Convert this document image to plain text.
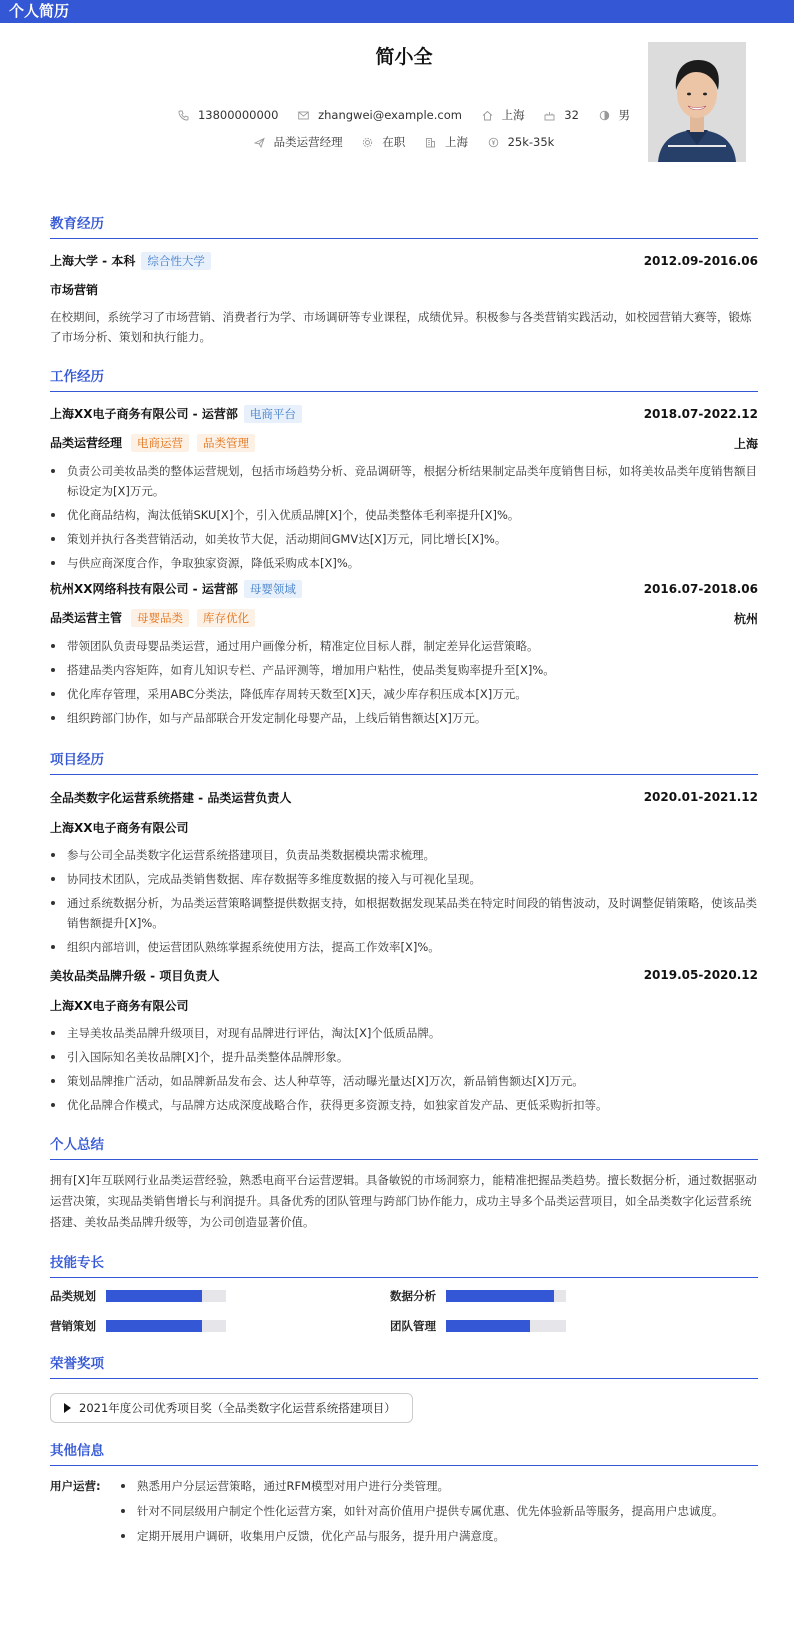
个人简历
简小全
13800000000
	zhangwei@example.com
	上海
	32
	男
品类运营经理
	在职
	上海
	25k-35k
教育经历
上海大学 - 本科 综合性大学	2012.09-2016.06
市场营销

在校期间，系统学习了市场营销、消费者行为学、市场调研等专业课程，成绩优异。积极参与各类营销实践活动，如校园营销大赛等，锻炼了市场分析、策划和执行能力。

工作经历
上海XX电子商务有限公司 - 运营部 电商平台	2018.07-2022.12
品类运营经理 电商运营 品类管理	上海
负责公司美妆品类的整体运营规划，包括市场趋势分析、竞品调研等，根据分析结果制定品类年度销售目标，如将美妆品类年度销售额目标设定为[X]万元。
优化商品结构，淘汰低销SKU[X]个，引入优质品牌[X]个，使品类整体毛利率提升[X]%。
策划并执行各类营销活动，如美妆节大促，活动期间GMV达[X]万元，同比增长[X]%。
与供应商深度合作，争取独家资源，降低采购成本[X]%。
杭州XX网络科技有限公司 - 运营部 母婴领域	2016.07-2018.06
品类运营主管 母婴品类 库存优化	杭州
带领团队负责母婴品类运营，通过用户画像分析，精准定位目标人群，制定差异化运营策略。
搭建品类内容矩阵，如育儿知识专栏、产品评测等，增加用户粘性，使品类复购率提升至[X]%。
优化库存管理，采用ABC分类法，降低库存周转天数至[X]天，减少库存积压成本[X]万元。
组织跨部门协作，如与产品部联合开发定制化母婴产品，上线后销售额达[X]万元。
项目经历
全品类数字化运营系统搭建 - 品类运营负责人	2020.01-2021.12
上海XX电子商务有限公司
参与公司全品类数字化运营系统搭建项目，负责品类数据模块需求梳理。
协同技术团队，完成品类销售数据、库存数据等多维度数据的接入与可视化呈现。
通过系统数据分析，为品类运营策略调整提供数据支持，如根据数据发现某品类在特定时间段的销售波动，及时调整促销策略，使该品类销售额提升[X]%。
组织内部培训，使运营团队熟练掌握系统使用方法，提高工作效率[X]%。
美妆品类品牌升级 - 项目负责人	2019.05-2020.12
上海XX电子商务有限公司
主导美妆品类品牌升级项目，对现有品牌进行评估，淘汰[X]个低质品牌。
引入国际知名美妆品牌[X]个，提升品类整体品牌形象。
策划品牌推广活动，如品牌新品发布会、达人种草等，活动曝光量达[X]万次，新品销售额达[X]万元。
优化品牌合作模式，与品牌方达成深度战略合作，获得更多资源支持，如独家首发产品、更低采购折扣等。
个人总结

拥有[X]年互联网行业品类运营经验，熟悉电商平台运营逻辑。具备敏锐的市场洞察力，能精准把握品类趋势。擅长数据分析，通过数据驱动运营决策，实现品类销售增长与利润提升。具备优秀的团队管理与跨部门协作能力，成功主导多个品类运营项目，如全品类数字化运营系统搭建、美妆品类品牌升级等，为公司创造显著价值。

技能专长
品类规划	数据分析
营销策划	团队管理
荣誉奖项
2021年度公司优秀项目奖（全品类数字化运营系统搭建项目）
其他信息
用户运营:	熟悉用户分层运营策略，通过RFM模型对用户进行分类管理。
针对不同层级用户制定个性化运营方案，如针对高价值用户提供专属优惠、优先体验新品等服务，提高用户忠诚度。
定期开展用户调研，收集用户反馈，优化产品与服务，提升用户满意度。
